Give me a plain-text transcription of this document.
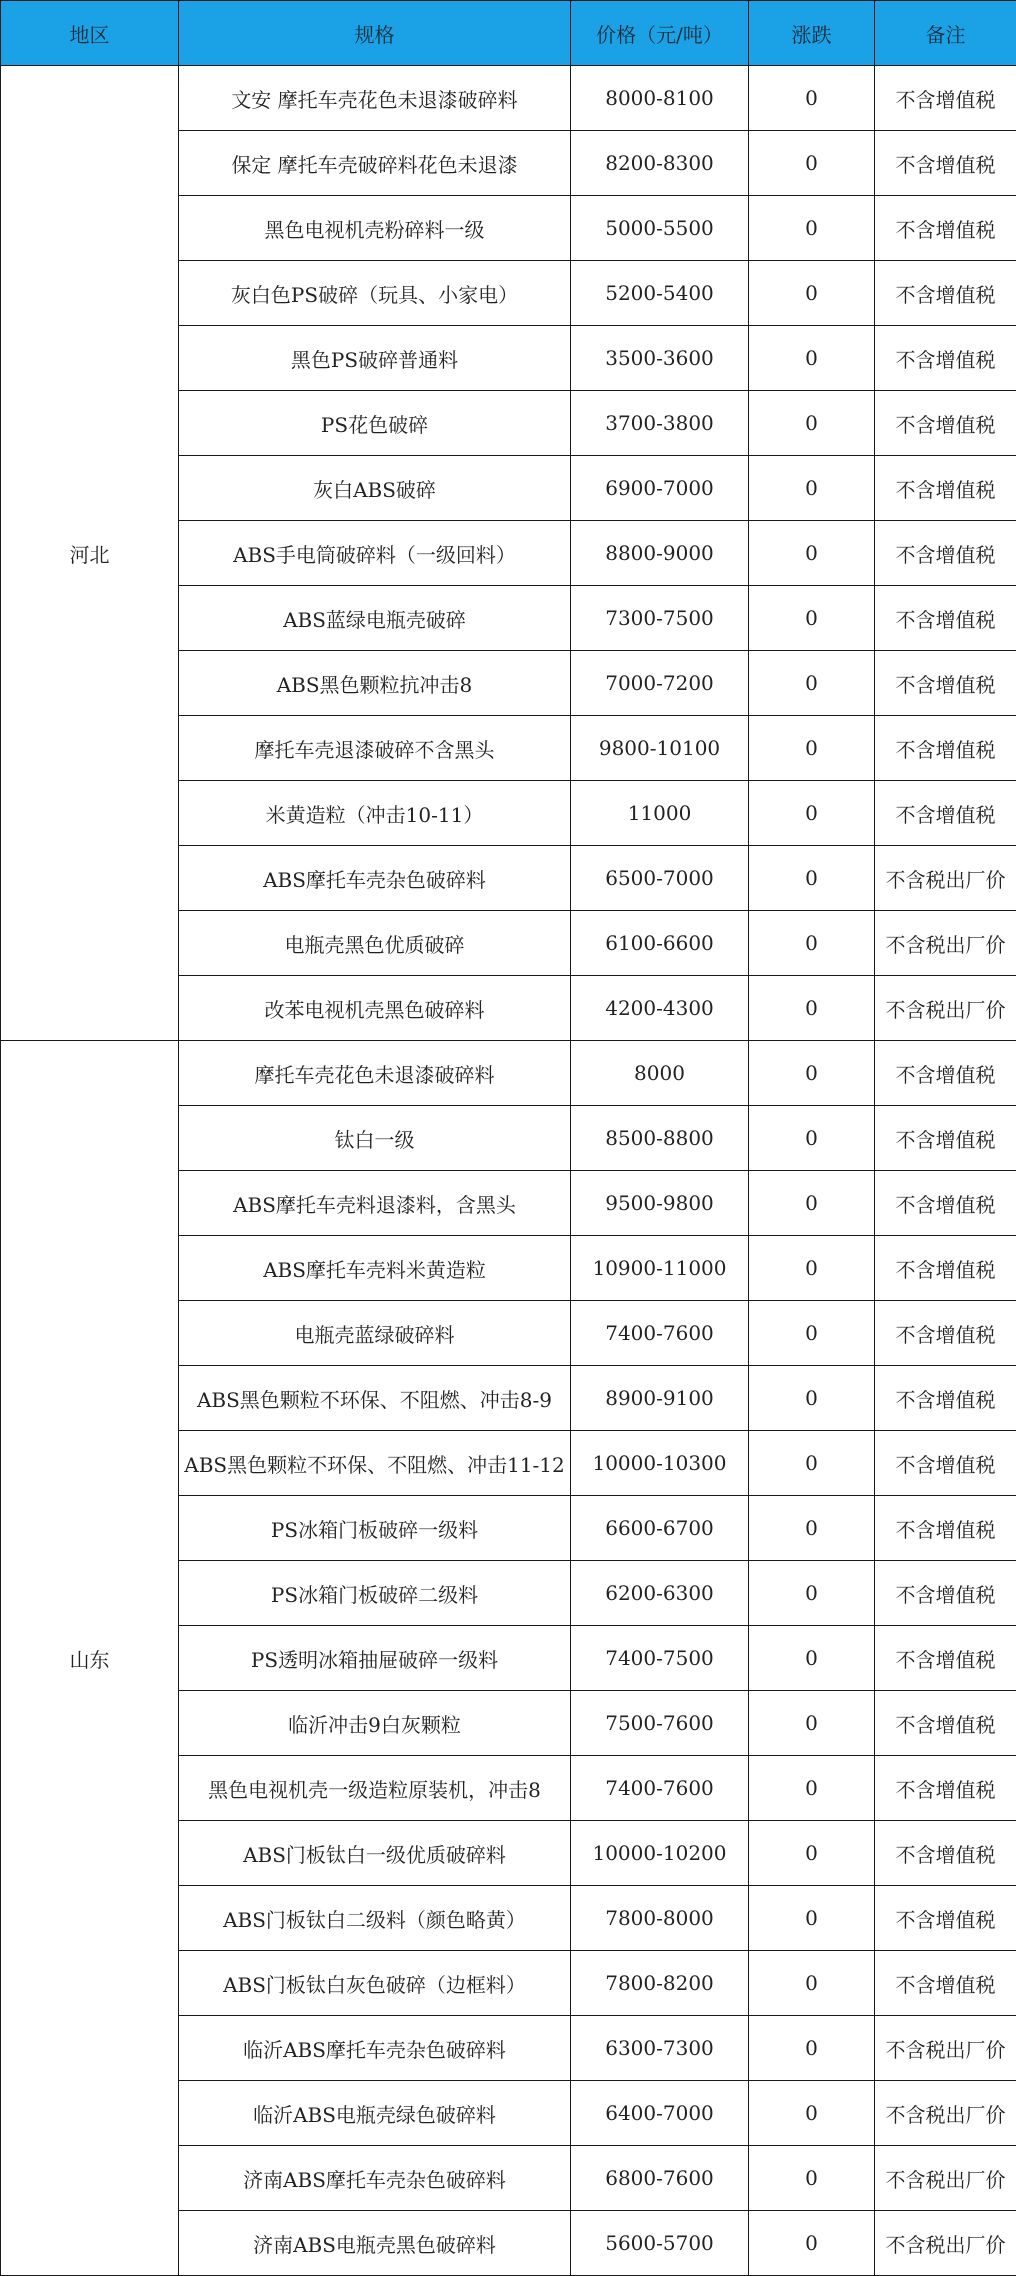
地区	规格	价格（元/吨）	涨跌	备注
河北	文安 摩托车壳花色未退漆破碎料	8000-8100	0	不含增值税
	保定 摩托车壳破碎料花色未退漆	8200-8300	0	不含增值税
	黑色电视机壳粉碎料一级	5000-5500	0	不含增值税
	灰白色PS破碎（玩具、小家电）	5200-5400	0	不含增值税
	黑色PS破碎普通料	3500-3600	0	不含增值税
	PS花色破碎	3700-3800	0	不含增值税
	灰白ABS破碎	6900-7000	0	不含增值税
	ABS手电筒破碎料（一级回料）	8800-9000	0	不含增值税
	ABS蓝绿电瓶壳破碎	7300-7500	0	不含增值税
	ABS黑色颗粒抗冲击8	7000-7200	0	不含增值税
	摩托车壳退漆破碎不含黑头	9800-10100	0	不含增值税
	米黄造粒（冲击10-11）	11000	0	不含增值税
	ABS摩托车壳杂色破碎料	6500-7000	0	不含税出厂价
	电瓶壳黑色优质破碎	6100-6600	0	不含税出厂价
	改苯电视机壳黑色破碎料	4200-4300	0	不含税出厂价
山东	摩托车壳花色未退漆破碎料	8000	0	不含增值税
	钛白一级	8500-8800	0	不含增值税
	ABS摩托车壳料退漆料，含黑头	9500-9800	0	不含增值税
	ABS摩托车壳料米黄造粒	10900-11000	0	不含增值税
	电瓶壳蓝绿破碎料	7400-7600	0	不含增值税
	ABS黑色颗粒不环保、不阻燃、冲击8-9	8900-9100	0	不含增值税
	ABS黑色颗粒不环保、不阻燃、冲击11-12	10000-10300	0	不含增值税
	PS冰箱门板破碎一级料	6600-6700	0	不含增值税
	PS冰箱门板破碎二级料	6200-6300	0	不含增值税
	PS透明冰箱抽屉破碎一级料	7400-7500	0	不含增值税
	临沂冲击9白灰颗粒	7500-7600	0	不含增值税
	黑色电视机壳一级造粒原装机，冲击8	7400-7600	0	不含增值税
	ABS门板钛白一级优质破碎料	10000-10200	0	不含增值税
	ABS门板钛白二级料（颜色略黄）	7800-8000	0	不含增值税
	ABS门板钛白灰色破碎（边框料）	7800-8200	0	不含增值税
	临沂ABS摩托车壳杂色破碎料	6300-7300	0	不含税出厂价
	临沂ABS电瓶壳绿色破碎料	6400-7000	0	不含税出厂价
	济南ABS摩托车壳杂色破碎料	6800-7600	0	不含税出厂价
	济南ABS电瓶壳黑色破碎料	5600-5700	0	不含税出厂价
